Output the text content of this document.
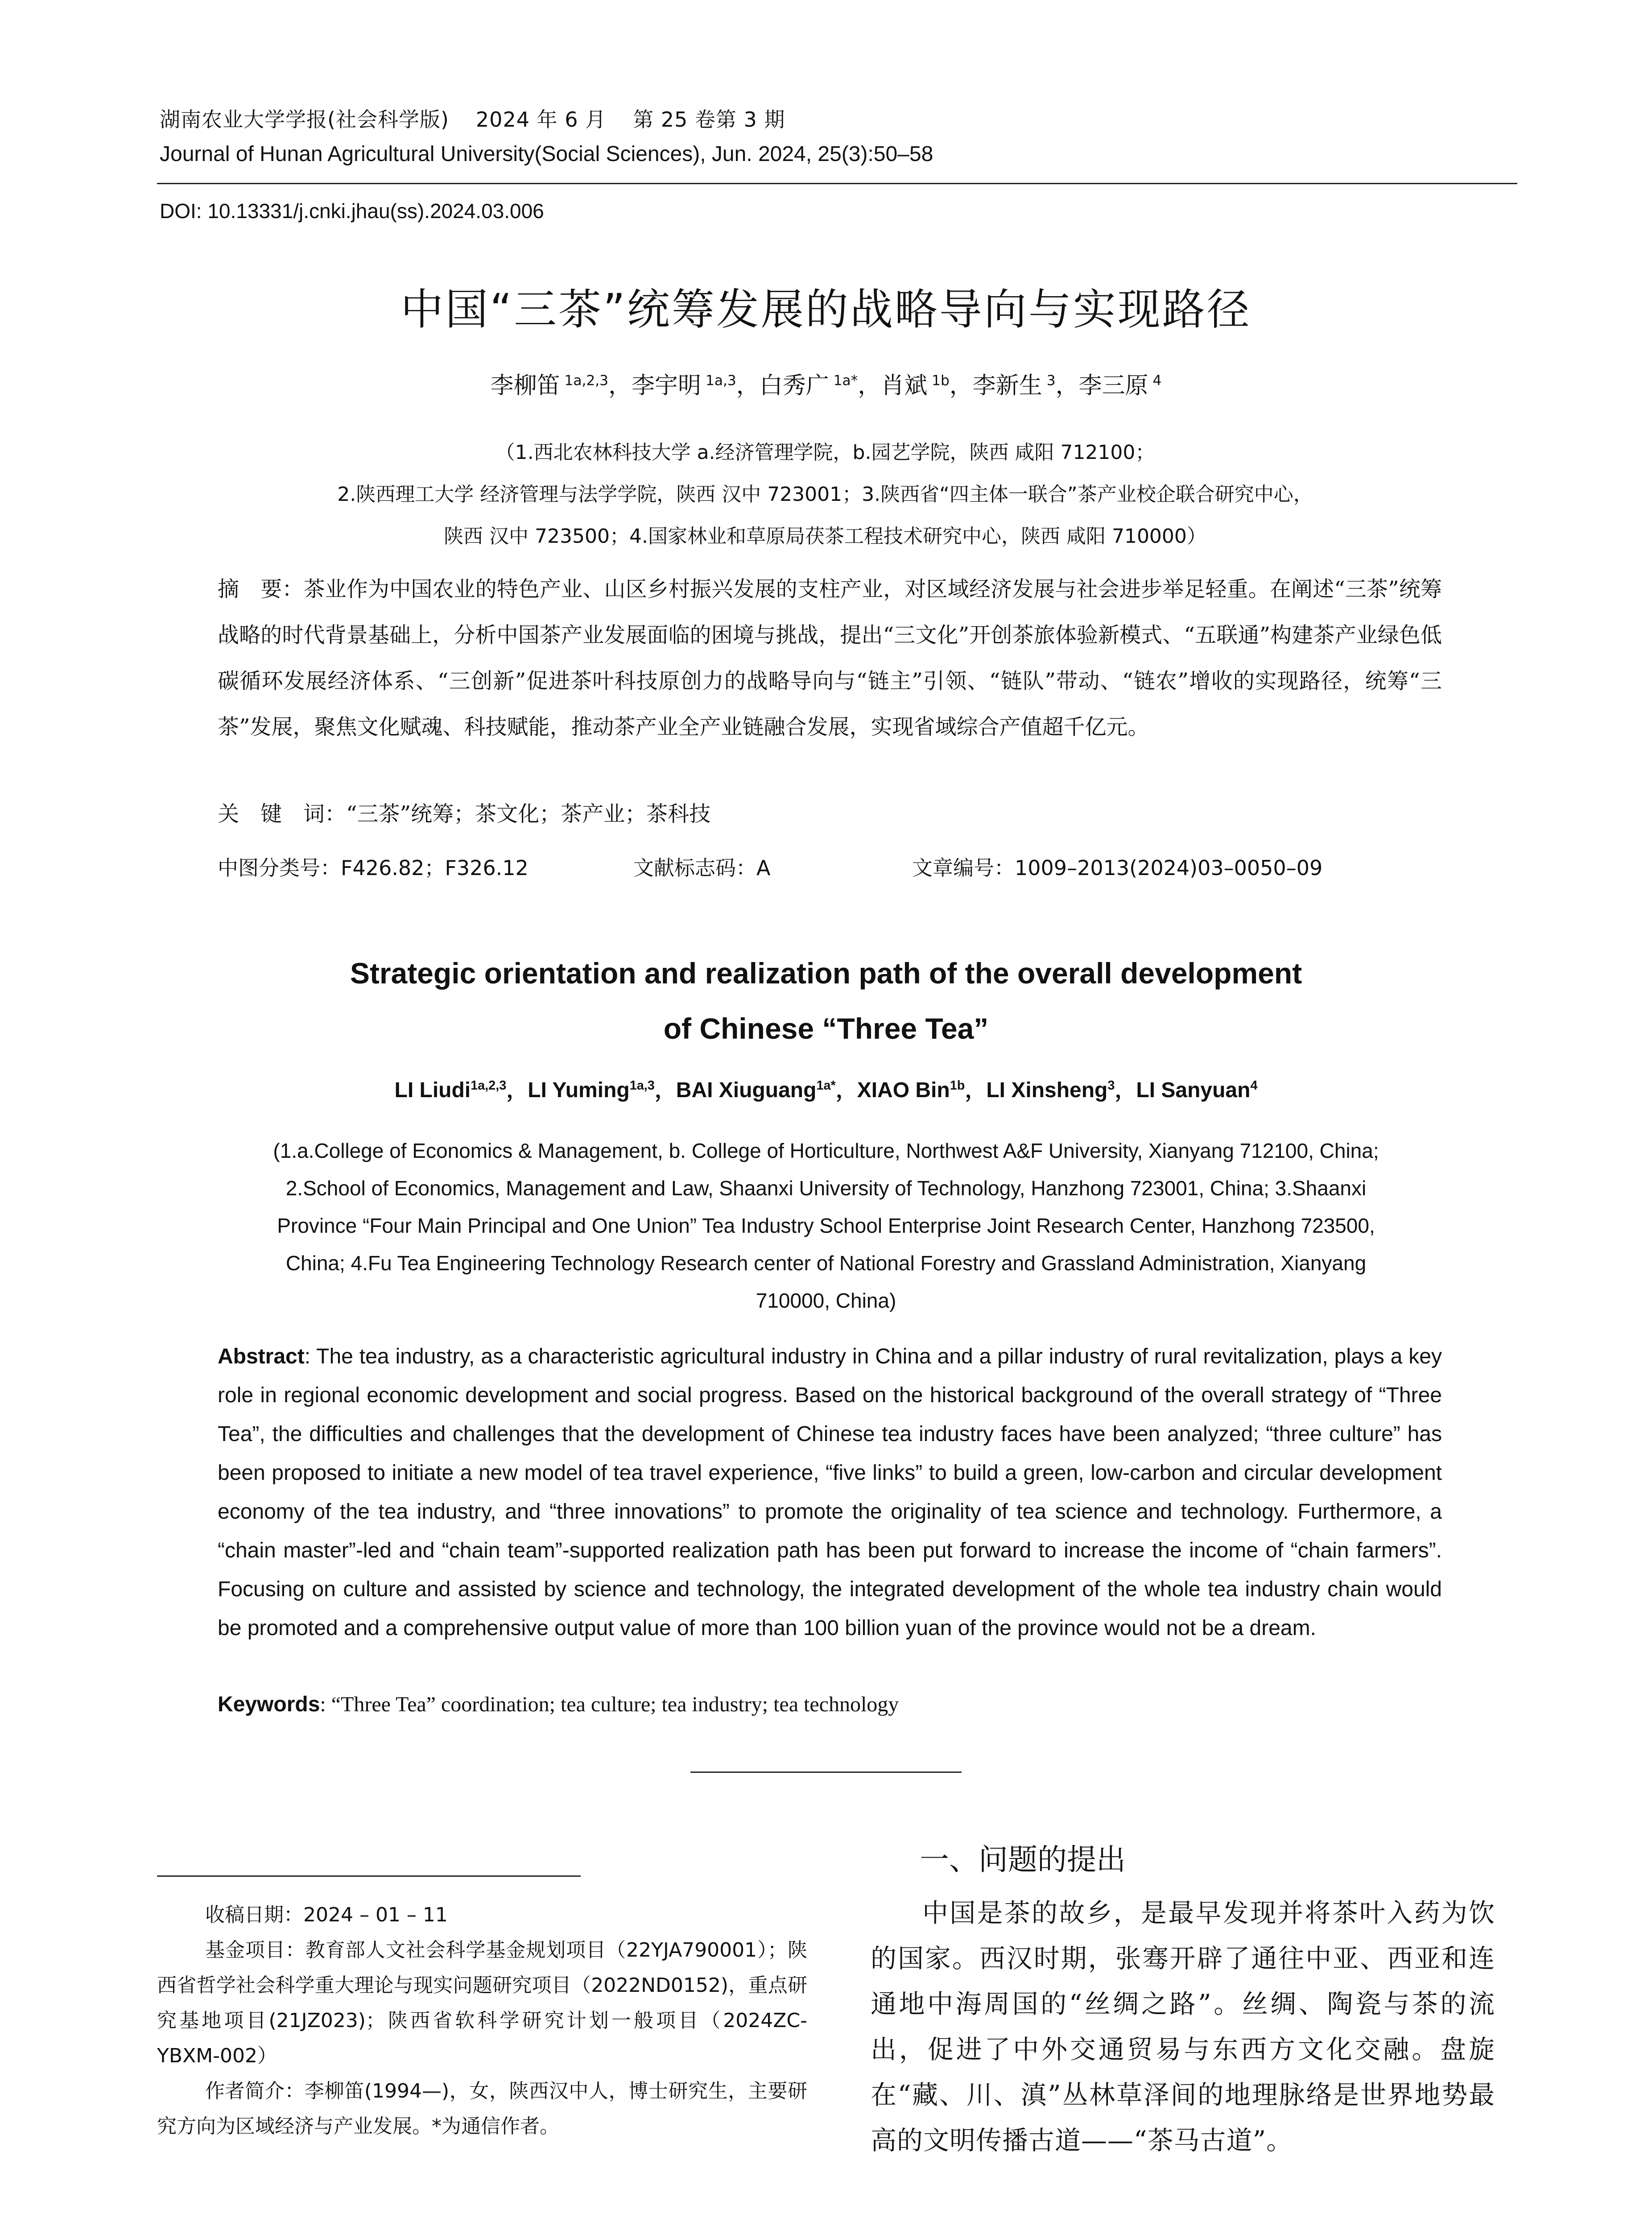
湖南农业大学学报(社会科学版) 2024 年 6 月 第 25 卷第 3 期
Journal of Hunan Agricultural University(Social Sciences), Jun. 2024, 25(3):50–58
DOI: 10.13331/j.cnki.jhau(ss).2024.03.006
中国“三茶”统筹发展的战略导向与实现路径
李柳笛 $^{1a,2,3}$，李宇明 $^{1a,3}$，白秀广 $^{1a*}$，肖斌 $^{1b}$，李新生 $^3$，李三原 $^4$
（1.西北农林科技大学 a.经济管理学院，b.园艺学院，陕西 咸阳 712100；
2.陕西理工大学 经济管理与法学学院，陕西 汉中 723001；3.陕西省“四主体一联合”茶产业校企联合研究中心，
陕西 汉中 723500；4.国家林业和草原局茯茶工程技术研究中心，陕西 咸阳 710000）
摘　要：茶业作为中国农业的特色产业、山区乡村振兴发展的支柱产业，对区域经济发展与社会进步举足轻重。在阐述“三茶”统筹战略的时代背景基础上，分析中国茶产业发展面临的困境与挑战，提出“三文化”开创茶旅体验新模式、“五联通”构建茶产业绿色低碳循环发展经济体系、“三创新”促进茶叶科技原创力的战略导向与“链主”引领、“链队”带动、“链农”增收的实现路径，统筹“三茶”发展，聚焦文化赋魂、科技赋能，推动茶产业全产业链融合发展，实现省域综合产值超千亿元。
关　键　词：“三茶”统筹；茶文化；茶产业；茶科技
中图分类号：F426.82；F326.12	文献标志码：A	文章编号：1009–2013(2024)03–0050–09
Strategic orientation and realization path of the overall development
of Chinese “Three Tea”
LI Liudi$^{1a,2,3}$，LI Yuming$^{1a,3}$，BAI Xiuguang$^{1a*}$，XIAO Bin$^{1b}$，LI Xinsheng$^3$，LI Sanyuan$^4$
(1.a.College of Economics & Management, b. College of Horticulture, Northwest A&F University, Xianyang 712100, China;
2.School of Economics, Management and Law, Shaanxi University of Technology, Hanzhong 723001, China; 3.Shaanxi
Province “Four Main Principal and One Union” Tea Industry School Enterprise Joint Research Center, Hanzhong 723500,
China; 4.Fu Tea Engineering Technology Research center of National Forestry and Grassland Administration, Xianyang
710000, China)
Abstract: The tea industry, as a characteristic agricultural industry in China and a pillar industry of rural revitalization, plays a key role in regional economic development and social progress. Based on the historical background of the overall strategy of “Three Tea”, the difficulties and challenges that the development of Chinese tea industry faces have been analyzed; “three culture” has been proposed to initiate a new model of tea travel experience, “five links” to build a green, low-carbon and circular development economy of the tea industry, and “three innovations” to promote the originality of tea science and technology. Furthermore, a “chain master”-led and “chain team”-supported realization path has been put forward to increase the income of “chain farmers”. Focusing on culture and assisted by science and technology, the integrated development of the whole tea industry chain would be promoted and a comprehensive output value of more than 100 billion yuan of the province would not be a dream.
Keywords: “Three Tea” coordination; tea culture; tea industry; tea technology

收稿日期：2024 – 01 – 11

基金项目：教育部人文社会科学基金规划项目（22YJA790001）；陕西省哲学社会科学重大理论与现实问题研究项目（2022ND0152)，重点研究基地项目(21JZ023)；陕西省软科学研究计划一般项目（2024ZC-YBXM-002）

作者简介：李柳笛(1994—)，女，陕西汉中人，博士研究生，主要研究方向为区域经济与产业发展。*为通信作者。

一、问题的提出
中国是茶的故乡，是最早发现并将茶叶入药为饮的国家。西汉时期，张骞开辟了通往中亚、西亚和连通地中海周国的“丝绸之路”。丝绸、陶瓷与茶的流出，促进了中外交通贸易与东西方文化交融。盘旋在“藏、川、滇”丛林草泽间的地理脉络是世界地势最高的文明传播古道——“茶马古道”。
